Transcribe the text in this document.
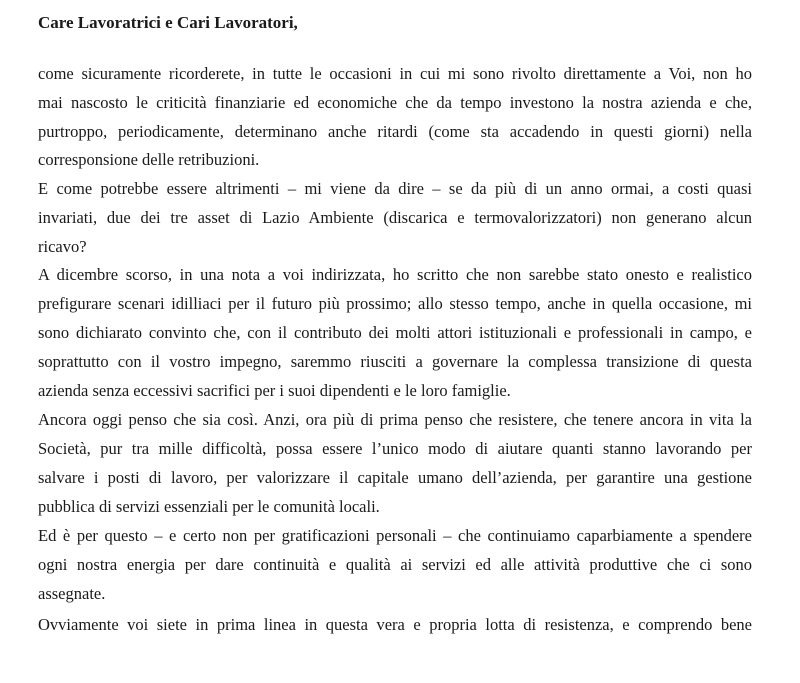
Care Lavoratrici e Cari Lavoratori,
come sicuramente ricorderete, in tutte le occasioni in cui mi sono rivolto direttamente a Voi, non ho
mai nascosto le criticità finanziarie ed economiche che da tempo investono la nostra azienda e che,
purtroppo, periodicamente, determinano anche ritardi (come sta accadendo in questi giorni) nella
corresponsione delle retribuzioni.
E come potrebbe essere altrimenti – mi viene da dire – se da più di un anno ormai, a costi quasi
invariati, due dei tre asset di Lazio Ambiente (discarica e termovalorizzatori) non generano alcun
ricavo?
A dicembre scorso, in una nota a voi indirizzata, ho scritto che non sarebbe stato onesto e realistico
prefigurare scenari idilliaci per il futuro più prossimo; allo stesso tempo, anche in quella occasione, mi
sono dichiarato convinto che, con il contributo dei molti attori istituzionali e professionali in campo, e
soprattutto con il vostro impegno, saremmo riusciti a governare la complessa transizione di questa
azienda senza eccessivi sacrifici per i suoi dipendenti e le loro famiglie.
Ancora oggi penso che sia così. Anzi, ora più di prima penso che resistere, che tenere ancora in vita la
Società, pur tra mille difficoltà, possa essere l’unico modo di aiutare quanti stanno lavorando per
salvare i posti di lavoro, per valorizzare il capitale umano dell’azienda, per garantire una gestione
pubblica di servizi essenziali per le comunità locali.
Ed è per questo – e certo non per gratificazioni personali – che continuiamo caparbiamente a spendere
ogni nostra energia per dare continuità e qualità ai servizi ed alle attività produttive che ci sono
assegnate.
Ovviamente voi siete in prima linea in questa vera e propria lotta di resistenza, e comprendo bene
